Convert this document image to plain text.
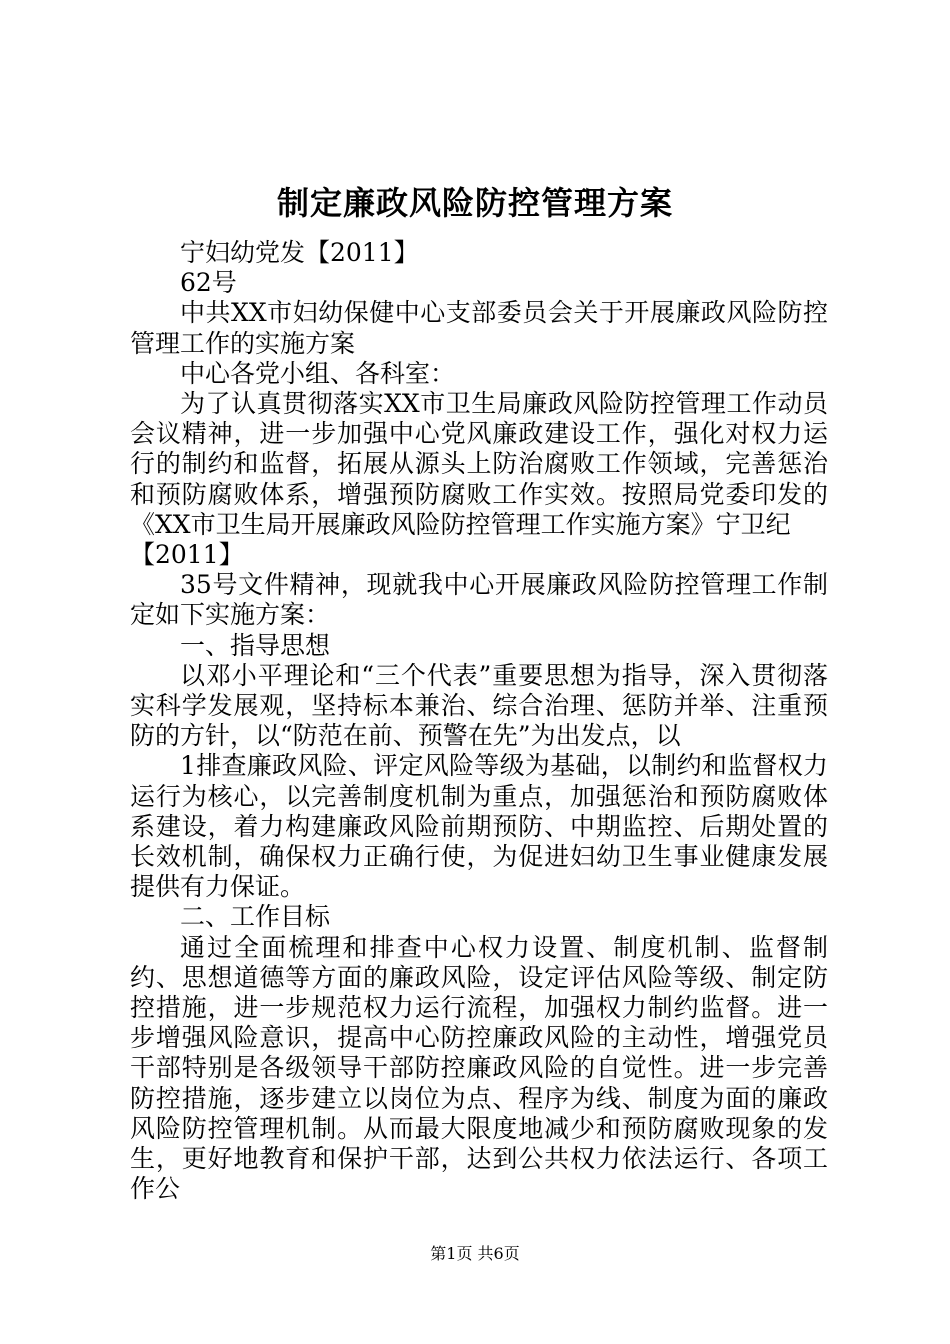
制定廉政风险防控管理方案

宁妇幼党发【2011】

62号

中共XX市妇幼保健中心支部委员会关于开展廉政风险防控管理工作的实施方案

中心各党小组、各科室：

为了认真贯彻落实XX市卫生局廉政风险防控管理工作动员会议精神，进一步加强中心党风廉政建设工作，强化对权力运行的制约和监督，拓展从源头上防治腐败工作领域，完善惩治和预防腐败体系，增强预防腐败工作实效。按照局党委印发的《XX市卫生局开展廉政风险防控管理工作实施方案》宁卫纪

【2011】

35号文件精神，现就我中心开展廉政风险防控管理工作制定如下实施方案：

一、指导思想

以邓小平理论和“三个代表”重要思想为指导，深入贯彻落实科学发展观，坚持标本兼治、综合治理、惩防并举、注重预防的方针，以“防范在前、预警在先”为出发点，以

1排查廉政风险、评定风险等级为基础，以制约和监督权力运行为核心，以完善制度机制为重点，加强惩治和预防腐败体系建设，着力构建廉政风险前期预防、中期监控、后期处置的长效机制，确保权力正确行使，为促进妇幼卫生事业健康发展提供有力保证。

二、工作目标

通过全面梳理和排查中心权力设置、制度机制、监督制约、思想道德等方面的廉政风险，设定评估风险等级、制定防控措施，进一步规范权力运行流程，加强权力制约监督。进一步增强风险意识，提高中心防控廉政风险的主动性，增强党员干部特别是各级领导干部防控廉政风险的自觉性。进一步完善防控措施，逐步建立以岗位为点、程序为线、制度为面的廉政风险防控管理机制。从而最大限度地减少和预防腐败现象的发生，更好地教育和保护干部，达到公共权力依法运行、各项工作公

第1页 共6页
